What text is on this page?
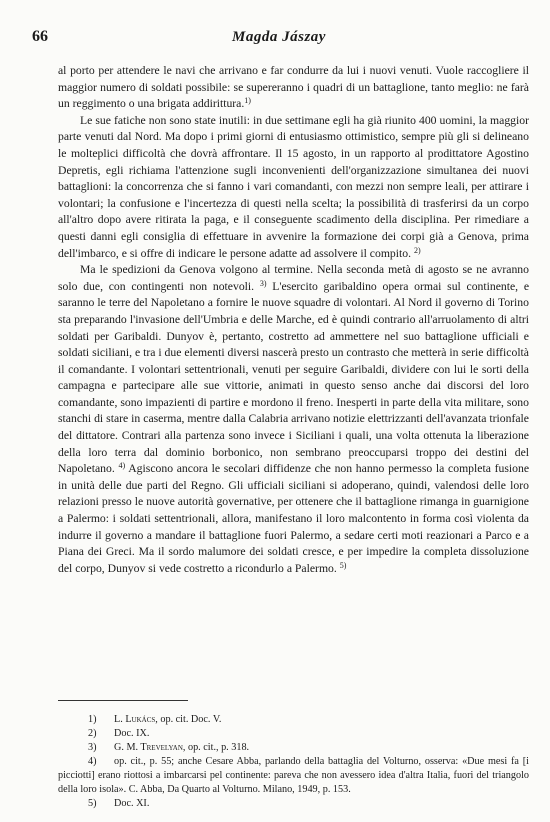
66	Magda Jászay

al porto per attendere le navi che arrivano e far condurre da lui i nuovi venuti. Vuole raccogliere il maggior numero di soldati possibile: se supereranno i quadri di un battaglione, tanto meglio: ne farà un reggimento o una brigata addirittura.$^{1)}$

Le sue fatiche non sono state inutili: in due settimane egli ha già riunito 400 uomini, la maggior parte venuti dal Nord. Ma dopo i primi giorni di entusiasmo ottimistico, sempre più gli si delineano le molteplici difficoltà che dovrà affrontare. Il 15 agosto, in un rapporto al prodittatore Agostino Depretis, egli richiama l'attenzione sugli inconvenienti dell'organizzazione simultanea dei nuovi battaglioni: la concorrenza che si fanno i vari comandanti, con mezzi non sempre leali, per attirare i volontari; la confusione e l'incertezza di questi nella scelta; la possibilità di trasferirsi da un corpo all'altro dopo avere ritirata la paga, e il conseguente scadimento della disciplina. Per rimediare a questi danni egli consiglia di effettuare in avvenire la formazione dei corpi già a Genova, prima dell'imbarco, e si offre di indicare le persone adatte ad assolvere il compito. $^{2)}$

Ma le spedizioni da Genova volgono al termine. Nella seconda metà di agosto se ne avranno solo due, con contingenti non notevoli. $^{3)}$ L'esercito garibaldino opera ormai sul continente, e saranno le terre del Napoletano a fornire le nuove squadre di volontari. Al Nord il governo di Torino sta preparando l'invasione dell'Umbria e delle Marche, ed è quindi contrario all'arruolamento di altri soldati per Garibaldi. Dunyov è, pertanto, costretto ad ammettere nel suo battaglione ufficiali e soldati siciliani, e tra i due elementi diversi nascerà presto un contrasto che metterà in serie difficoltà il comandante. I volontari settentrionali, venuti per seguire Garibaldi, dividere con lui le sorti della campagna e partecipare alle sue vittorie, animati in questo senso anche dai discorsi del loro comandante, sono impazienti di partire e mordono il freno. Inesperti in parte della vita militare, sono stanchi di stare in caserma, mentre dalla Calabria arrivano notizie elettrizzanti dell'avanzata trionfale del dittatore. Contrari alla partenza sono invece i Siciliani i quali, una volta ottenuta la liberazione della loro terra dal dominio borbonico, non sembrano preoccuparsi troppo dei destini del Napoletano. $^{4)}$ Agiscono ancora le secolari diffidenze che non hanno permesso la completa fusione in unità delle due parti del Regno. Gli ufficiali siciliani si adoperano, quindi, valendosi delle loro relazioni presso le nuove autorità governative, per ottenere che il battaglione rimanga in guarnigione a Palermo: i soldati settentrionali, allora, manifestano il loro malcontento in forma così violenta da indurre il governo a mandare il battaglione fuori Palermo, a sedare certi moti reazionari a Parco e a Piana dei Greci. Ma il sordo malumore dei soldati cresce, e per impedire la completa dissoluzione del corpo, Dunyov si vede costretto a ricondurlo a Palermo. $^{5)}$

1) L. Lukács, op. cit. Doc. V.
2) Doc. IX.
3) G. M. Trevelyan, op. cit., p. 318.
4) op. cit., p. 55; anche Cesare Abba, parlando della battaglia del Volturno, osserva: «Due mesi fa [i picciotti] erano riottosi a imbarcarsi pel continente: pareva che non avessero idea d'altra Italia, fuori del triangolo della loro isola». C. Abba, Da Quarto al Volturno. Milano, 1949, p. 153.
5) Doc. XI.
